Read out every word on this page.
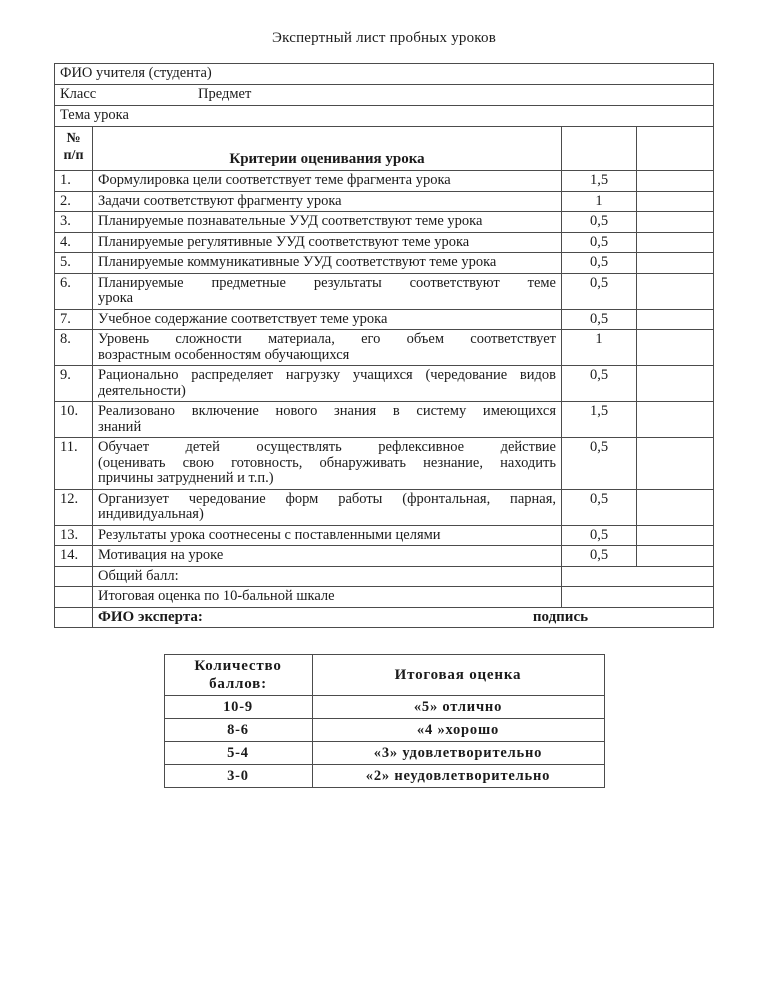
Экспертный лист пробных уроков
ФИО учителя (студента)			
Класс Предмет			
Тема урока			
№ п/п	Критерии оценивания урока		
1.	Формулировка цели соответствует теме фрагмента урока	1,5	
2.	Задачи соответствуют фрагменту урока	1	
3.	Планируемые познавательные УУД соответствуют теме урока	0,5	
4.	Планируемые регулятивные УУД соответствуют теме урока	0,5	
5.	Планируемые коммуникативные УУД соответствуют теме урока	0,5	
6.	Планируемые предметные результаты соответствуют теме
урока	0,5	
7.	Учебное содержание соответствует теме урока	0,5	
8.	Уровень сложности материала, его объем соответствует
возрастным особенностям обучающихся	1	
9.	Рационально распределяет нагрузку учащихся (чередование видов
деятельности)	0,5	
10.	Реализовано включение нового знания в систему имеющихся
знаний	1,5	
11.	Обучает детей осуществлять рефлексивное действие
(оценивать свою готовность, обнаруживать незнание, находить
причины затруднений и т.п.)	0,5	
12.	Организует чередование форм работы (фронтальная, парная,
индивидуальная)	0,5	
13.	Результаты урока соотнесены с поставленными целями	0,5	
14.	Мотивация на уроке	0,5	
	Общий балл:		
	Итоговая оценка по 10-бальной шкале		

	ФИО эксперта: подпись		
Количество баллов:	Итоговая оценка
10-9	«5» отлично
8-6	«4 »хорошо
5-4	«3» удовлетворительно
3-0	«2» неудовлетворительно
